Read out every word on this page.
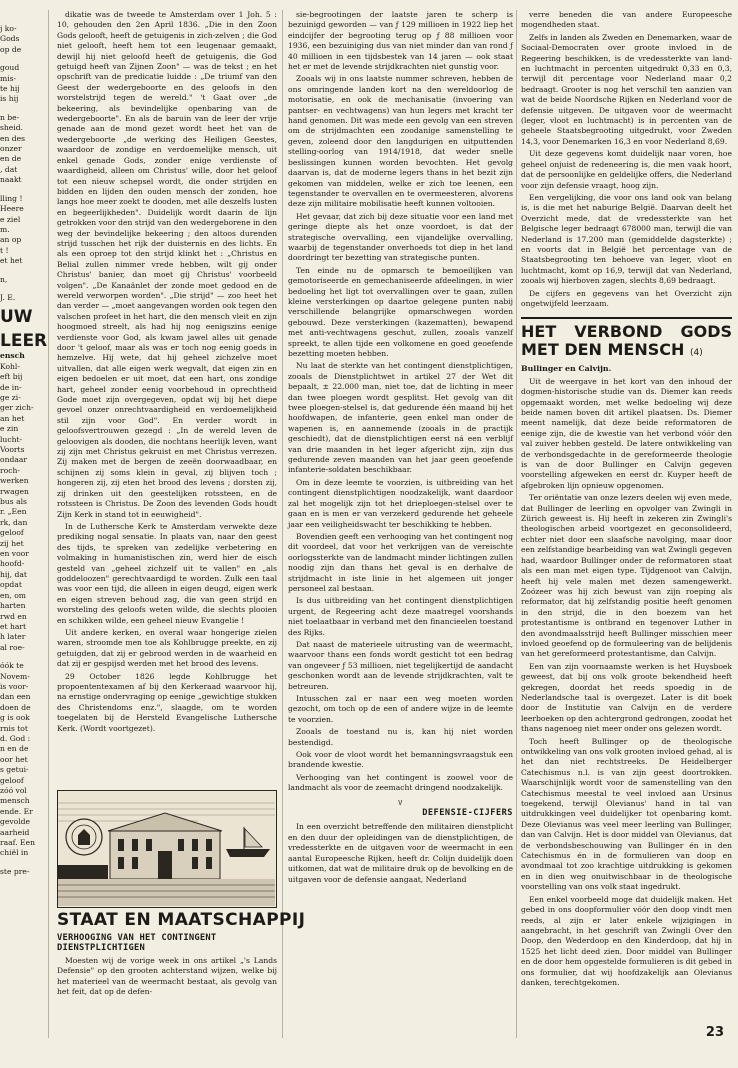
j ko-
Gods
op de
goud
mis-
te hij
is hij
n be-
sheid.
en des
onzer
en de
, dat
naakt
lling !
Heere
e ziel
m.
an op
t !
et het
n,
J. E.
UW
LEER
ensch
Kohl-
eft bij
de in-
ge zi-
ger zich-
an het
e zin
lucht-
Voorts
ondaar
roch-
werken
rwagen
bus als
r. „Een
rk, dan
geloof
zij het
en voor
hoofd-
hij, dat
opdat
en, om
harten
rwd en
et hart
h later
al roe-
óók te
Novem-
is voor-
dan een
doen de
g is ook
rnis tot
d. God :
n en de
oor het
s getui-
geloof
zóó vol
mensch
ende. Er
gevolde
aarheid
raaf. Een
chiël in
ste pre-

dikatie was de tweede te Amsterdam over 1 Joh. 5 : 10, gehouden den 2en April 1836. „Die in den Zoon Gods gelooft, heeft de getuigenis in zich-zelven ; die God niet gelooft, heeft hem tot een leugenaar gemaakt, dewijl hij niet geloofd heeft de getuigenis, die God getuigd heeft van Zijnen Zoon" — was de tekst ; en het opschrift van de predicatie luidde : „De triumf van den Geest der wedergeboorte en des geloofs in den worstelstrijd tegen de wereld." 't Gaat over „de bekeering, als bevindelijke openbaring van de wedergeboorte". En als de baruin van de leer der vrije genade aan de mond gezet wordt heet het van de wedergeboorte „de werking des Heiligen Geestes, waardoor de zondige en verdoemelijke mensch, uit enkel genade Gods, zonder enige verdienste of waardigheid, alleen om Christus' wille, door het geloof tot een nieuw schepsel wordt, die onder strijden en bidden en lijden den ouden mensch der zonden, hoe langs hoe meer zoekt te dooden, met alle deszelfs lusten en begeerlijkheden". Duidelijk wordt daarin de lijn getrokken voor den strijd van den wedergeborene in den weg der bevindelijke bekeering ; den altoos durenden strijd tusschen het rijk der duisternis en des lichts. En als een oproep tot den strijd klinkt het : „Christus en Belial zullen nimmer vrede hebben, wilt gij onder Christus' banier, dan moet gij Christus' voorbeeld volgen". „De Kanaänlet der zonde moet gedood en de wereld verworpen worden". „Die strijd" — zoo heet het dan verder — „moet aangevangen worden ook tegen den valschen profeet in het hart, die den mensch vleit en zijn hoogmoed streelt, als had hij nog eenigszins eenige verdienste voor God, als kwam jawel alles uit genade door 't geloof, maar als was er toch nog eenig goeds in hemzelve. Hij wete, dat hij geheel zichzelve moet uitvallen, dat alle eigen werk wegvalt, dat eigen zin en eigen bedoelen er uit moet, dat een hart, ons zondige hart, geheel zonder eenig voorbehoud in oprechtheid Gode moet zijn overgegeven, opdat wij bij het diepe gevoel onzer onrechtvaardigheid en verdoemelijkheid stil zijn voor God". En verder wordt in geloofsvertrouwen gezegd : „In de wereld leven de geloovigen als dooden, die nochtans heerlijk leven, want zij zijn met Christus gekruist en met Christus verrezen. Zij maken met de bergen de zeeën doorwaadbaar, en schijnen zij soms klein in geval, zij blijven toch ; hongeren zij, zij eten het brood des levens ; dorsten zij, zij drinken uit den geestelijken rotssteen, en de rotssteen is Christus. De Zoon des levenden Gods houdt Zijn Kerk in stand tot in eeuwigheid".

In de Luthersche Kerk te Amsterdam verwekte deze prediking nogal sensatie. In plaats van, naar den geest des tijds, te spreken van zedelijke verbetering en volmaking in humanistischen zin, werd hier de eisch gesteld van „geheel zichzelf uit te vallen" en „als goddeloozen" gerechtvaardigd te worden. Zulk een taal was voor een tijd, die alleen in eigen deugd, eigen werk en eigen streven behoud zag, die van geen strijd en worsteling des geloofs weten wilde, die slechts plooien en schikken wilde, een geheel nieuw Evangelie !

Uit andere kerken, en overal waar hongerige zielen waren, stroomde men toe als Kohlbrugge preekte, en zij getuigden, dat zij er gebrood werden in de waarheid en dat zij er gespijsd werden met het brood des levens.

29 October 1826 legde Kohlbrugge het propoententexamen af bij den Kerkeraad waarvoor hij, na ernstige ondervraging op eenige „gewichtige stukken des Christendoms enz.", slaagde, om te worden toegelaten bij de Hersteld Evangelische Luthersche Kerk. (Wordt voortgezet).

STAAT EN MAATSCHAPPIJ
VERHOOGING VAN HET CONTINGENT DIENSTPLICHTIGEN

Moesten wij de vorige week in ons artikel „'s Lands Defensie" op den grooten achterstand wijzen, welke bij het materieel van de weermacht bestaat, als gevolg van het feit, dat op de defen-

sie-begrootingen der laatste jaren te scherp is bezuinigd geworden — van ƒ 129 millioen in 1922 liep het eindcijfer der begrooting terug op ƒ 88 millioen voor 1936, een bezuiniging dus van niet minder dan van rond ƒ 40 millioen in een tijdsbestek van 14 jaren — ook staat het er met de levende strijdkrachten niet gunstig voor.

Zooals wij in ons laatste nummer schreven, hebben de ons omringende landen kort na den wereldoorlog de motorisatie, en ook de mechanisatie (invoering van pantser- en vechtwagens) van hun legers met kracht ter hand genomen. Dit was mede een gevolg van een streven om de strijdmachten een zoodanige samenstelling te geven, zoleend door den langdurigen en uitputtenden stelling-oorlog van 1914/1918, dat weder snelle beslissingen kunnen worden bevochten. Het gevolg daarvan is, dat de moderne legers thans in het bezit zijn gekomen van middelen, welke er zich toe leenen, een tegenstander te overvallen en te overmeesteren, alvorens deze zijn militaire mobilisatie heeft kunnen voltooien.

Het gevaar, dat zich bij deze situatie voor een land met geringe diepte als het onze voordoet, is dat der strategische overvalling, een vijandelijke overvalling, waarbij de tegenstander onverhoeds tot diep in het land doordringt ter bezetting van strategische punten.

Ten einde nu de opmarsch te bemoeilijken van gemotoriseerde en gemechaniseerde afdeelingen, in wier bedoeling het ligt tot overvallingen over te gaan, zullen kleine versterkingen op daartoe gelegene punten nabij verschillende belangrijke opmarschwegen worden gebouwd. Deze versterkingen (kazematten), bewapend met anti-vechtwagens geschut, zullen, zooals vanzelf spreekt, te allen tijde een volkomene en goed geoefende bezetting moeten hebben.

Nu laat de sterkte van het contingent dienstplichtigen, zooals de Dienstplichtwet in artikel 27 der Wet dit bepaalt, ± 22.000 man, niet toe, dat de lichting in meer dan twee ploegen wordt gesplitst. Het gevolg van dit twee ploegen-stelsel is, dat gedurende één maand bij het hoofdwapen, de infanterie, geen enkel man onder de wapenen is, en aannemende (zooals in de practijk geschiedt), dat de dienstplichtigen eerst ná een verblijf van drie maanden in het leger afgericht zijn, zijn dus gedurende zeven maanden van het jaar geen geoefende infanterie-soldaten beschikbaar.

Om in deze leemte te voorzien, is uitbreiding van het contingent dienstplichtigen noodzakelijk, want daardoor zal het mogelijk zijn tot het drieploegen-stelsel over te gaan en is men er van verzekerd gedurende het geheele jaar een veiligheidswacht ter beschikking te hebben.

Bovendien geeft een verhooging van het contingent nog dit voordeel, dat voor het verkrijgen van de vereischte oorlogssterkte van de landmacht minder lichtingen zullen noodig zijn dan thans het geval is en derhalve de strijdmacht in iste linie in het algemeen uit jonger personeel zal bestaan.

Is dus uitbreiding van het contingent dienstplichtigen urgent, de Regeering acht deze maatregel voorshands niet toelaatbaar in verband met den financieelen toestand des Rijks.

Dat naast de materieele uitrusting van de weermacht, waarvoor thans een fonds wordt gesticht tot een bedrag van ongeveer ƒ 53 millioen, niet tegelijkertijd de aandacht geschonken wordt aan de levende strijdkrachten, valt te betreuren.

Intusschen zal er naar een weg moeten worden gezocht, om toch op de een of andere wijze in de leemte te voorzien.

Zooals de toestand nu is, kan hij niet worden bestendigd.

Ook voor de vloot wordt het bemanningsvraagstuk een brandende kwestie.

Verhooging van het contingent is zoowel voor de landmacht als voor de zeemacht dringend noodzakelijk.

V
DEFENSIE-CIJFERS

In een overzicht betreffende den militairen dienstplicht en den duur der opleidingen van de dienstplichtigen, de vredessterkte en de uitgaven voor de weermacht in een aantal Europeesche Rijken, heeft dr. Colijn duidelijk doen uitkomen, dat wat de militaire druk op de bevolking en de uitgaven voor de defensie aangaat, Nederland

verre beneden die van andere Europeesche mogendheden staat.

Zelfs in landen als Zweden en Denemarken, waar de Sociaal-Democraten over groote invloed in de Regeering beschikken, is de vredessterkte van land- en luchtmacht in percenten uitgedrukt 0,33 en 0,3, terwijl dit percentage voor Nederland maar 0,2 bedraagt. Grooter is nog het verschil ten aanzien van wat de beide Noordsche Rijken en Nederland voor de defensie uitgeven. De uitgaven voor de weermacht (leger, vloot en luchtmacht) is in percenten van de geheele Staatsbegrooting uitgedrukt, voor Zweden 14,3, voor Denemarken 16,3 en voor Nederland 8,69.

Uit deze gegevens komt duidelijk naar voren, hoe geheel onjuist de redeneering is, die men vaak hoort, dat de persoonlijke en geldelijke offers, die Nederland voor zijn defensie vraagt, hoog zijn.

Een vergelijking, die voor ons land ook van belang is, is die met het naburige België. Daarvan deelt het Overzicht mede, dat de vredessterkte van het Belgische leger bedraagt 678000 man, terwijl die van Nederland is 17.200 man (gemiddelde dagsterkte) ; en voorts dat in België het percentage van de Staatsbegrooting ten behoeve van leger, vloot en luchtmacht, komt op 16,9, terwijl dat van Nederland, zooals wij hierboven zagen, slechts 8,69 bedraagt.

De cijfers en gegevens van het Overzicht zijn ongetwijfeld leerzaam.

HET VERBOND GODS MET DEN MENSCH (4)
Bullinger en Calvijn.

Uit de weergave in het kort van den inhoud der dogmen-historische studie van ds. Diemer kan reeds opgemaakt worden, met welke bedoeling wij deze beide namen boven dit artikel plaatsen. Ds. Diemer meent namelijk, dat deze beide reformatoren de eenige zijn, die de kwestie van het verbond vóór den val zuiver hebben gesteld. De latere ontwikkeling van de verbondsgedachte in de gereformeerde theologie is van de door Bullinger en Calvijn gegeven voorstelling afgeweken en eerst dr. Kuyper heeft de afgebroken lijn opnieuw opgenomen.

Ter oriëntatie van onze lezers deelen wij even mede, dat Bullinger de leerling en opvolger van Zwingli in Zürich geweest is. Hij heeft in zekeren zin Zwingli's theologischen arbeid voortgezet en geconsolideerd, echter niet door een slaafsche navolging, maar door een zelfstandige bearbeiding van wat Zwingli gegeven had, waardoor Bullinger onder de reformatoren staat als een man met eigen type. Tijdgenoot van Calvijn, heeft hij vele malen met dezen samengewerkt. Zoózeer was hij zich bewust van zijn roeping als reformator, dat hij zelfstandig positie heeft genomen in den strijd, die in den boezem van het protestantisme is ontbrand en tegenover Luther in den avondmaalsstrijd heeft Bullinger misschien meer invloed geoefend op de formuleering van de belijdenis van het gereformeerd protestantisme, dan Calvijn.

Een van zijn voornaamste werken is het Huysboek geweest, dat bij ons volk groote bekendheid heeft gekregen, doordat het reeds spoedig in de Nederlandsche taal is overgezet. Later is dit boek door de Institutie van Calvijn en de verdere leerboeken op den achtergrond gedrongen, zoodat het thans nagenoeg niet meer onder ons gelezen wordt.

Toch heeft Bullinger op de theologische ontwikkeling van ons volk grooten invloed gehad, al is het dan niet rechtstreeks. De Heidelberger Catechismus n.l. is van zijn geest doortrokken. Waarschijnlijk wordt voor de samenstelling van den Catechismus meestal te veel invloed aan Ursinus toegekend, terwijl Olevianus' hand in tal van uitdrukkingen veel duidelijker tot openbaring komt. Deze Olevianus was veel meer leerling van Bullinger, dan van Calvijn. Het is door middel van Olevianus, dat de verbondsbeschouwing van Bullinger én in den Catechismus én in de formulieren van doop en avondmaal tot zoo krachtige uitdrukking is gekomen en in dien weg onuitwischbaar in de theologische voorstelling van ons volk staat ingedrukt.

Een enkel voorbeeld moge dat duidelijk maken. Het gebed in ons doopformulier vóór den doop vindt men reeds, al zijn er later enkele wijzigingen in aangebracht, in het geschrift van Zwingli Over den Doop, den Wederdoop en den Kinderdoop, dat hij in 1525 het licht deed zien. Door middel van Bullinger en de door hem opgestelde formulieren is dit gebed in ons formulier, dat wij hoofdzakelijk aan Olevianus danken, terechtgekomen.

23
